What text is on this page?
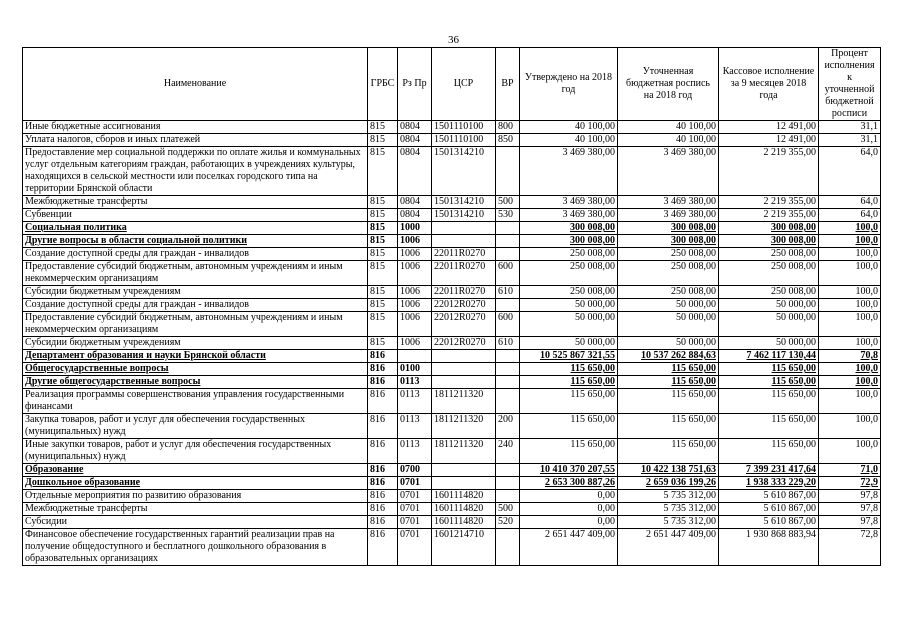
36
Наименование	ГРБС	Рз Пр	ЦСР	ВР	Утверждено на 2018 год	Уточненная бюджетная роспись на 2018 год	Кассовое исполнение за 9 месяцев 2018 года	Процент исполнения к уточненной бюджетной росписи
Иные бюджетные ассигнования	815	0804	1501110100	800	40 100,00	40 100,00	12 491,00	31,1
Уплата налогов, сборов и иных платежей	815	0804	1501110100	850	40 100,00	40 100,00	12 491,00	31,1
Предоставление мер социальной поддержки по оплате жилья и коммунальных услуг отдельным категориям граждан, работающих в учреждениях культуры, находящихся в сельской местности или поселках городского типа на территории Брянской области	815	0804	1501314210		3 469 380,00	3 469 380,00	2 219 355,00	64,0
Межбюджетные трансферты	815	0804	1501314210	500	3 469 380,00	3 469 380,00	2 219 355,00	64,0
Субвенции	815	0804	1501314210	530	3 469 380,00	3 469 380,00	2 219 355,00	64,0
Социальная политика	815	1000			300 008,00	300 008,00	300 008,00	100,0
Другие вопросы в области социальной политики	815	1006			300 008,00	300 008,00	300 008,00	100,0
Создание доступной среды для граждан - инвалидов	815	1006	22011R0270		250 008,00	250 008,00	250 008,00	100,0
Предоставление субсидий бюджетным, автономным учреждениям и иным некоммерческим организациям	815	1006	22011R0270	600	250 008,00	250 008,00	250 008,00	100,0
Субсидии бюджетным учреждениям	815	1006	22011R0270	610	250 008,00	250 008,00	250 008,00	100,0
Создание доступной среды для граждан - инвалидов	815	1006	22012R0270		50 000,00	50 000,00	50 000,00	100,0
Предоставление субсидий бюджетным, автономным учреждениям и иным некоммерческим организациям	815	1006	22012R0270	600	50 000,00	50 000,00	50 000,00	100,0
Субсидии бюджетным учреждениям	815	1006	22012R0270	610	50 000,00	50 000,00	50 000,00	100,0
Департамент образования и науки Брянской области	816				10 525 867 321,55	10 537 262 884,63	7 462 117 130,44	70,8
Общегосударственные вопросы	816	0100			115 650,00	115 650,00	115 650,00	100,0
Другие общегосударственные вопросы	816	0113			115 650,00	115 650,00	115 650,00	100,0
Реализация программы совершенствования управления государственными финансами	816	0113	1811211320		115 650,00	115 650,00	115 650,00	100,0
Закупка товаров, работ и услуг для обеспечения государственных (муниципальных) нужд	816	0113	1811211320	200	115 650,00	115 650,00	115 650,00	100,0
Иные закупки товаров, работ и услуг для обеспечения государственных (муниципальных) нужд	816	0113	1811211320	240	115 650,00	115 650,00	115 650,00	100,0
Образование	816	0700			10 410 370 207,55	10 422 138 751,63	7 399 231 417,64	71,0
Дошкольное образование	816	0701			2 653 300 887,26	2 659 036 199,26	1 938 333 229,20	72,9
Отдельные мероприятия по развитию образования	816	0701	1601114820		0,00	5 735 312,00	5 610 867,00	97,8
Межбюджетные трансферты	816	0701	1601114820	500	0,00	5 735 312,00	5 610 867,00	97,8
Субсидии	816	0701	1601114820	520	0,00	5 735 312,00	5 610 867,00	97,8
Финансовое обеспечение государственных гарантий реализации прав на получение общедоступного и бесплатного дошкольного образования в образовательных организациях	816	0701	1601214710		2 651 447 409,00	2 651 447 409,00	1 930 868 883,94	72,8
